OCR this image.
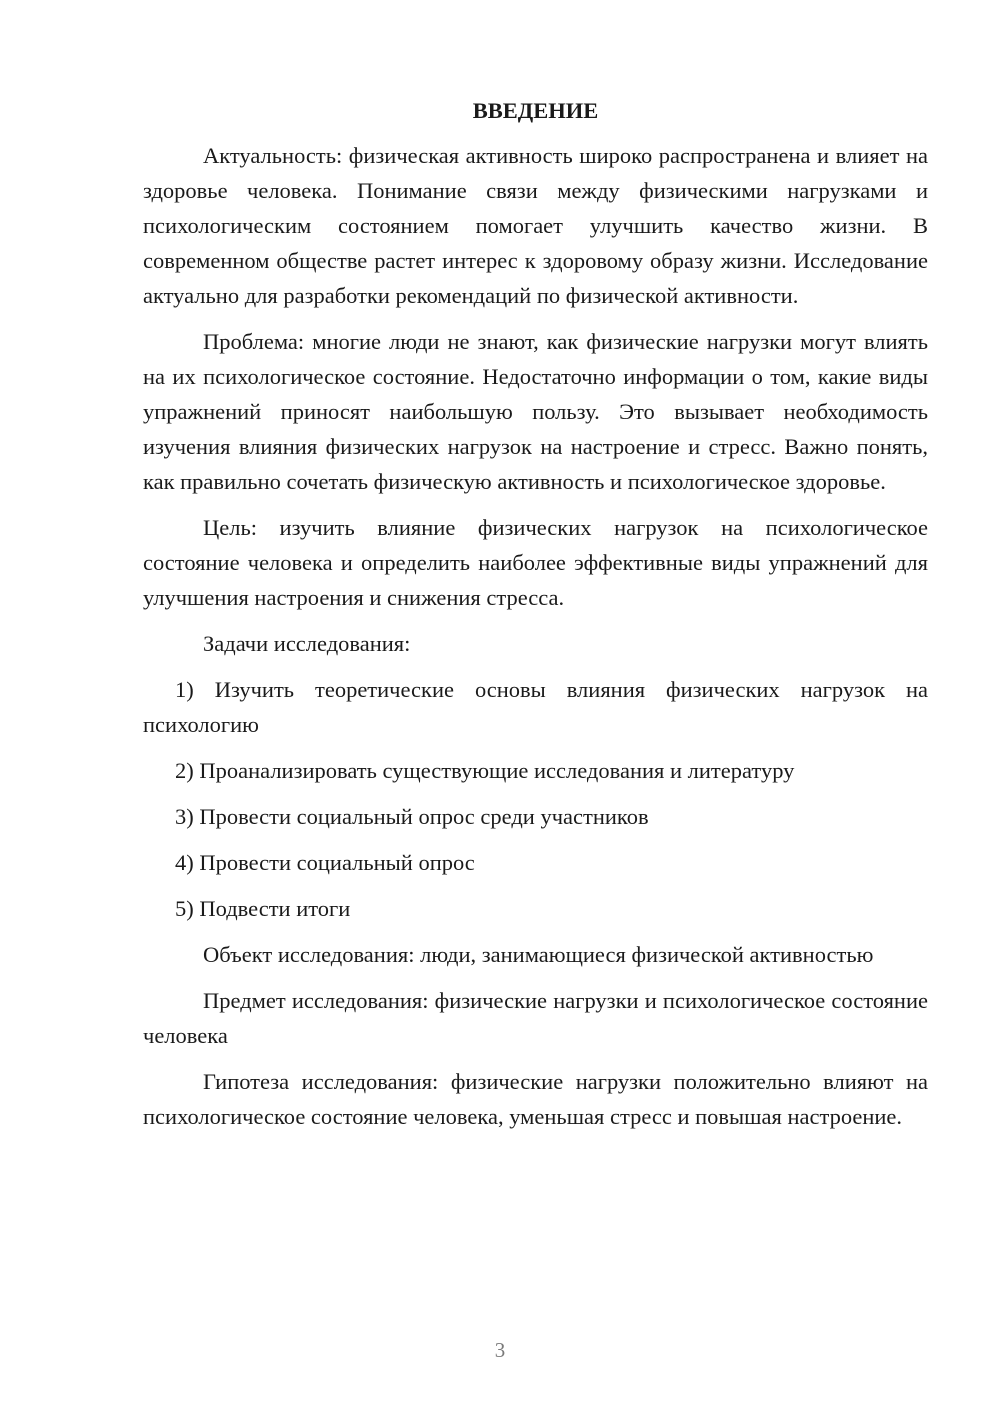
ВВЕДЕНИЕ

Актуальность: физическая активность широко распространена и влияет на здоровье человека. Понимание связи между физическими нагрузками и психологическим состоянием помогает улучшить качество жизни. В современном обществе растет интерес к здоровому образу жизни. Исследование актуально для разработки рекомендаций по физической активности.

Проблема: многие люди не знают, как физические нагрузки могут влиять на их психологическое состояние. Недостаточно информации о том, какие виды упражнений приносят наибольшую пользу. Это вызывает необходимость изучения влияния физических нагрузок на настроение и стресс. Важно понять, как правильно сочетать физическую активность и психологическое здоровье.

Цель: изучить влияние физических нагрузок на психологическое состояние человека и определить наиболее эффективные виды упражнений для улучшения настроения и снижения стресса.

Задачи исследования:

1) Изучить теоретические основы влияния физических нагрузок на психологию

2) Проанализировать существующие исследования и литературу

3) Провести социальный опрос среди участников

4) Провести социальный опрос

5) Подвести итоги

Объект исследования: люди, занимающиеся физической активностью

Предмет исследования: физические нагрузки и психологическое состояние человека

Гипотеза исследования: физические нагрузки положительно влияют на психологическое состояние человека, уменьшая стресс и повышая настроение.

3
